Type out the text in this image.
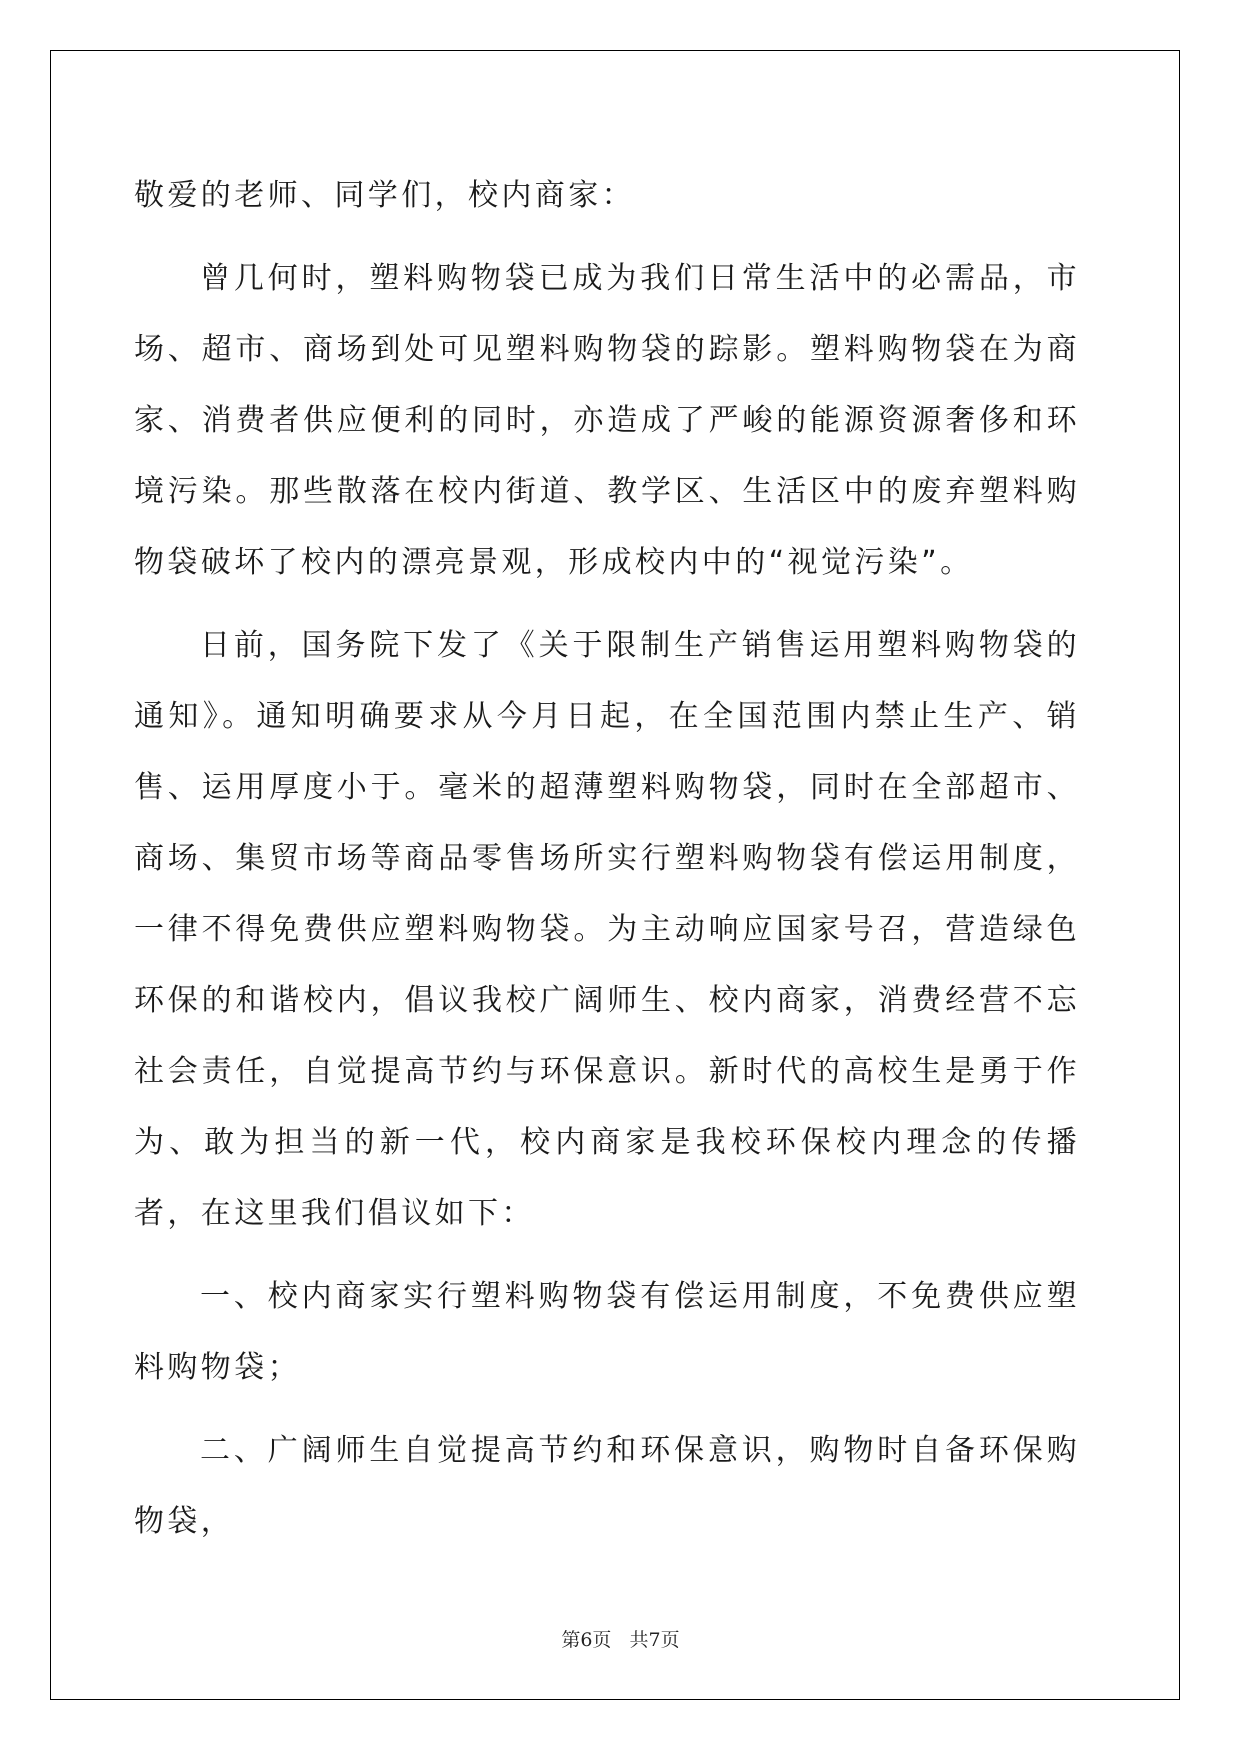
敬爱的老师、同学们，校内商家：

曾几何时，塑料购物袋已成为我们日常生活中的必需品，市场、超市、商场到处可见塑料购物袋的踪影。塑料购物袋在为商家、消费者供应便利的同时，亦造成了严峻的能源资源奢侈和环境污染。那些散落在校内街道、教学区、生活区中的废弃塑料购物袋破坏了校内的漂亮景观，形成校内中的“视觉污染”。

日前，国务院下发了《关于限制生产销售运用塑料购物袋的通知》。通知明确要求从今月日起，在全国范围内禁止生产、销售、运用厚度小于。毫米的超薄塑料购物袋，同时在全部超市、商场、集贸市场等商品零售场所实行塑料购物袋有偿运用制度，一律不得免费供应塑料购物袋。为主动响应国家号召，营造绿色环保的和谐校内，倡议我校广阔师生、校内商家，消费经营不忘社会责任，自觉提高节约与环保意识。新时代的高校生是勇于作为、敢为担当的新一代，校内商家是我校环保校内理念的传播者，在这里我们倡议如下：

一、校内商家实行塑料购物袋有偿运用制度，不免费供应塑料购物袋；

二、广阔师生自觉提高节约和环保意识，购物时自备环保购物袋，

第6页   共7页
